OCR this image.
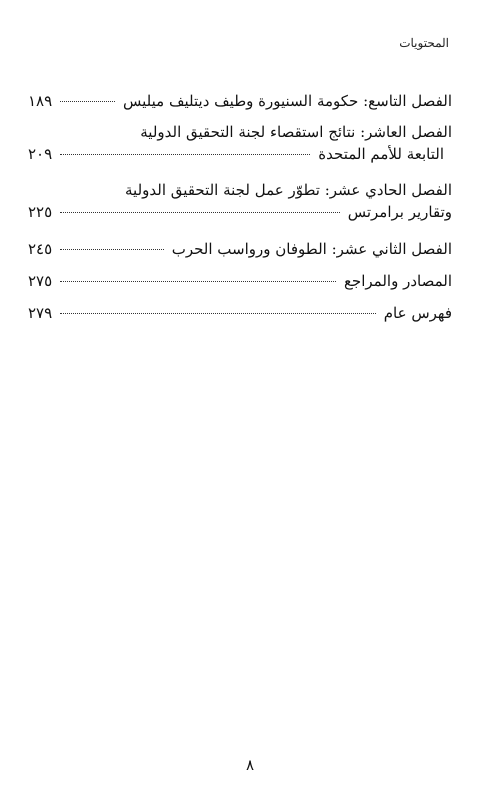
المحتويات
الفصل التاسع: حكومة السنيورة وطيف ديتليف ميليس
١٨٩
الفصل العاشر: نتائج استقصاء لجنة التحقيق الدولية
التابعة للأمم المتحدة
٢٠٩
الفصل الحادي عشر: تطوّر عمل لجنة التحقيق الدولية
وتقارير برامرتس
٢٢٥
الفصل الثاني عشر: الطوفان ورواسب الحرب
٢٤٥
المصادر والمراجع
٢٧٥
فهرس عام
٢٧٩
٨
